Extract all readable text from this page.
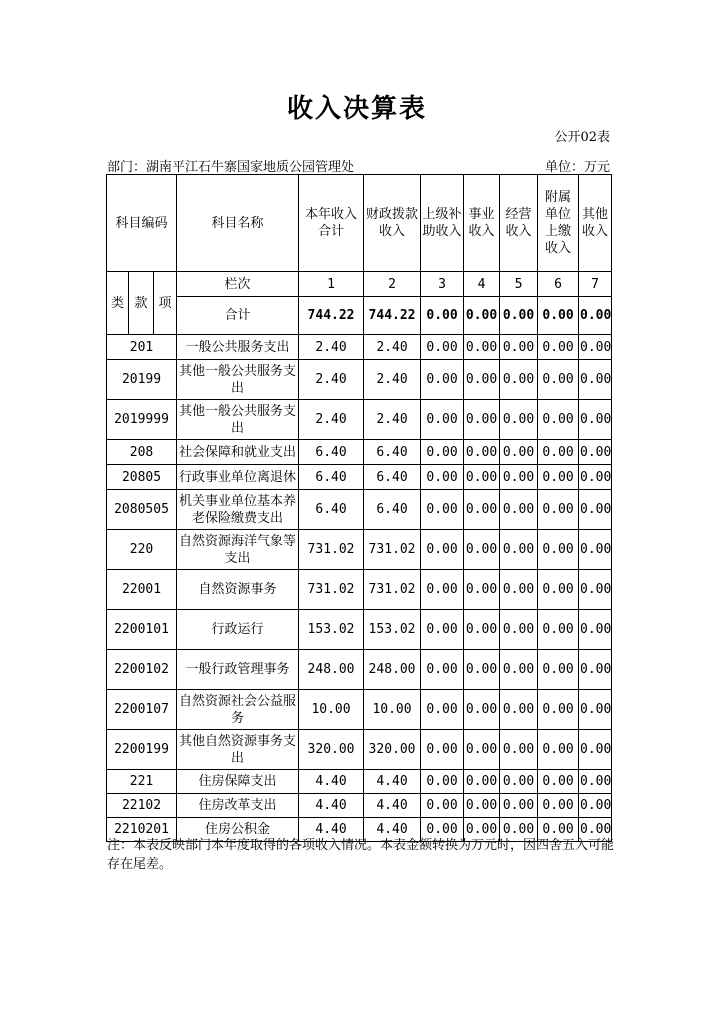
收入决算表
公开02表
部门：湖南平江石牛寨国家地质公园管理处	单位：万元
科目编码			科目名称	本年收入合计	财政拨款收入	上级补助收入	事业收入	经营收入	附属单位上缴收入	其他收入
类	款	项	栏次	1	2	3	4	5	6	7
			合计	744.22	744.22	0.00	0.00	0.00	0.00	0.00
201			一般公共服务支出	2.40	2.40	0.00	0.00	0.00	0.00	0.00
20199			其他一般公共服务支出	2.40	2.40	0.00	0.00	0.00	0.00	0.00
2019999			其他一般公共服务支出	2.40	2.40	0.00	0.00	0.00	0.00	0.00
208			社会保障和就业支出	6.40	6.40	0.00	0.00	0.00	0.00	0.00
20805			行政事业单位离退休	6.40	6.40	0.00	0.00	0.00	0.00	0.00
2080505			机关事业单位基本养老保险缴费支出	6.40	6.40	0.00	0.00	0.00	0.00	0.00
220			自然资源海洋气象等支出	731.02	731.02	0.00	0.00	0.00	0.00	0.00
22001			自然资源事务	731.02	731.02	0.00	0.00	0.00	0.00	0.00
2200101			行政运行	153.02	153.02	0.00	0.00	0.00	0.00	0.00
2200102			一般行政管理事务	248.00	248.00	0.00	0.00	0.00	0.00	0.00
2200107			自然资源社会公益服务	10.00	10.00	0.00	0.00	0.00	0.00	0.00
2200199			其他自然资源事务支出	320.00	320.00	0.00	0.00	0.00	0.00	0.00
221			住房保障支出	4.40	4.40	0.00	0.00	0.00	0.00	0.00
22102			住房改革支出	4.40	4.40	0.00	0.00	0.00	0.00	0.00
2210201			住房公积金	4.40	4.40	0.00	0.00	0.00	0.00	0.00
注：本表反映部门本年度取得的各项收入情况。本表金额转换为万元时，因四舍五入可能存在尾差。
